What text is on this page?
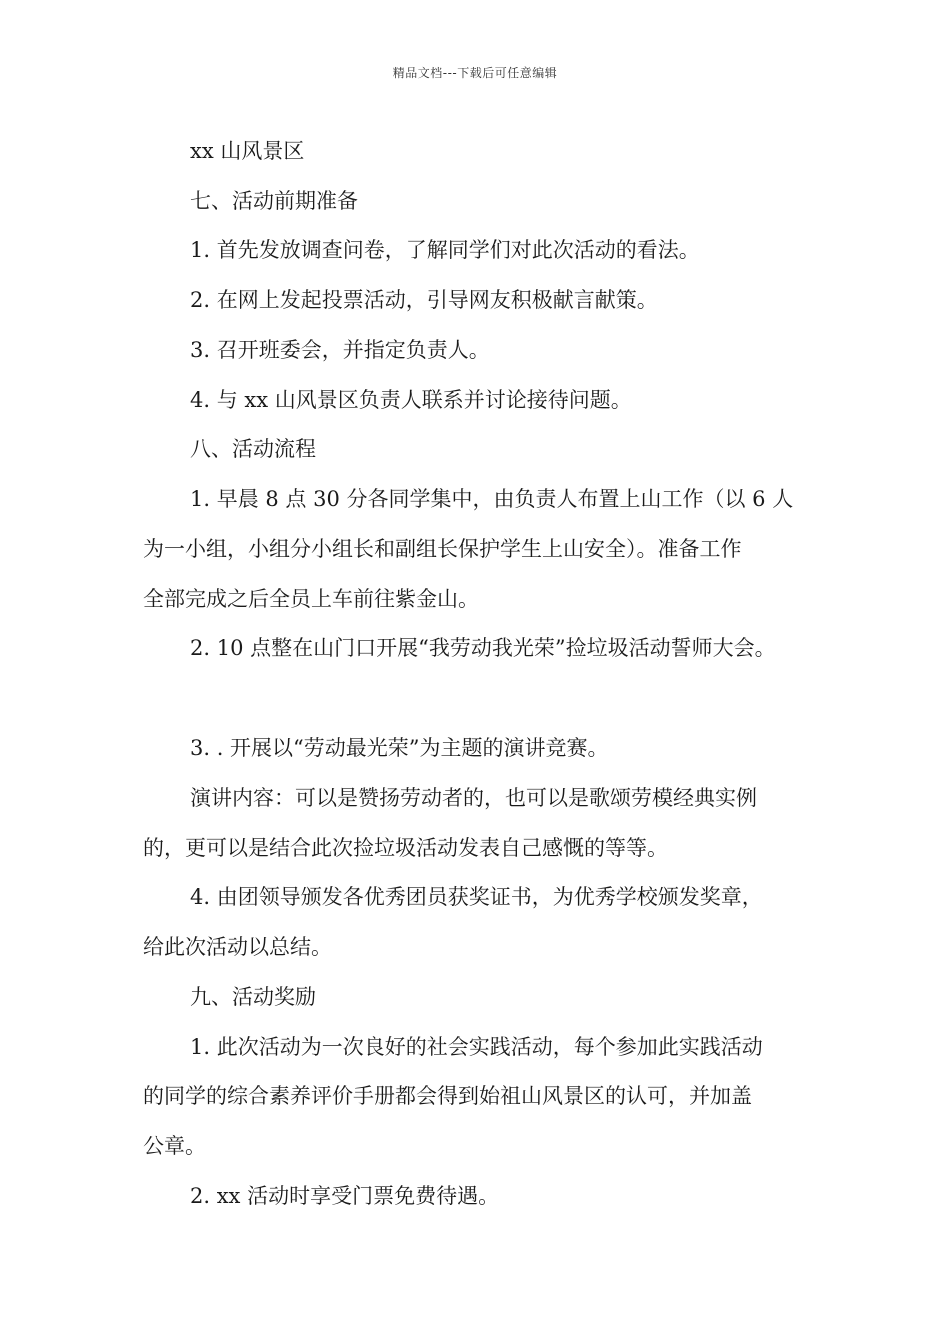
精品文档---下载后可任意编辑
xx 山风景区
七、活动前期准备
1. 首先发放调查问卷，了解同学们对此次活动的看法。
2. 在网上发起投票活动，引导网友积极献言献策。
3. 召开班委会，并指定负责人。
4. 与 xx 山风景区负责人联系并讨论接待问题。
八、活动流程
1. 早晨 8 点 30 分各同学集中，由负责人布置上山工作（以 6 人
为一小组，小组分小组长和副组长保护学生上山安全）。准备工作
全部完成之后全员上车前往紫金山。
2. 10 点整在山门口开展“我劳动我光荣”捡垃圾活动誓师大会。
3. . 开展以“劳动最光荣”为主题的演讲竞赛。
演讲内容：可以是赞扬劳动者的，也可以是歌颂劳模经典实例
的，更可以是结合此次捡垃圾活动发表自己感慨的等等。
4. 由团领导颁发各优秀团员获奖证书，为优秀学校颁发奖章，
给此次活动以总结。
九、活动奖励
1. 此次活动为一次良好的社会实践活动，每个参加此实践活动
的同学的综合素养评价手册都会得到始祖山风景区的认可，并加盖
公章。
2. xx 活动时享受门票免费待遇。
